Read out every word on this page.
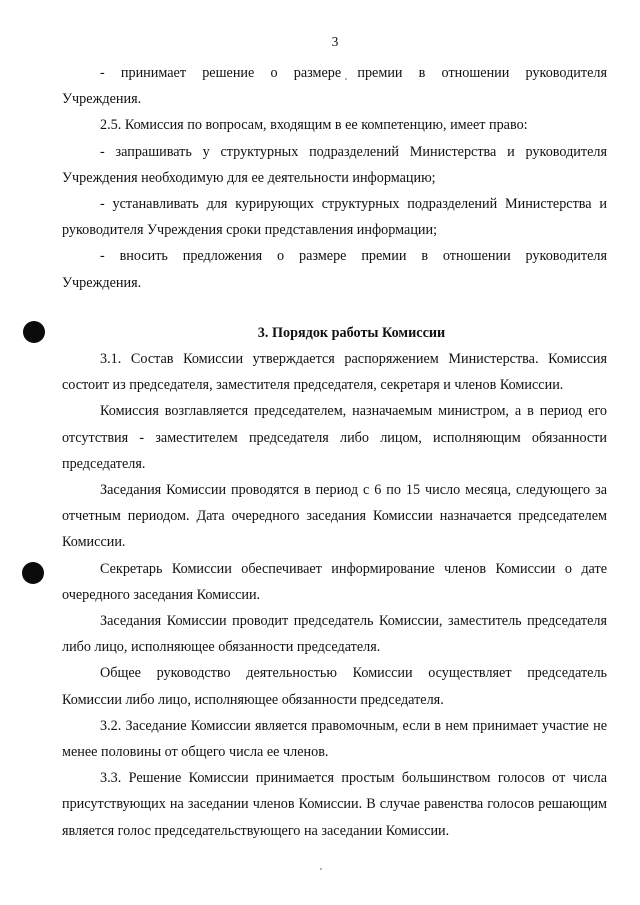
3

- принимает решение о размере премии в отношении руководителя Учреждения.

2.5. Комиссия по вопросам, входящим в ее компетенцию, имеет право:

- запрашивать у структурных подразделений Министерства и руководителя Учреждения необходимую для ее деятельности информацию;

- устанавливать для курирующих структурных подразделений Министерства и руководителя Учреждения сроки представления информации;

- вносить предложения о размере премии в отношении руководителя Учреждения.

3. Порядок работы Комиссии

3.1. Состав Комиссии утверждается распоряжением Министерства. Комиссия состоит из председателя, заместителя председателя, секретаря и членов Комиссии.

Комиссия возглавляется председателем, назначаемым министром, а в период его отсутствия - заместителем председателя либо лицом, исполняющим обязанности председателя.

Заседания Комиссии проводятся в период с 6 по 15 число месяца, следующего за отчетным периодом. Дата очередного заседания Комиссии назначается председателем Комиссии.

Секретарь Комиссии обеспечивает информирование членов Комиссии о дате очередного заседания Комиссии.

Заседания Комиссии проводит председатель Комиссии, заместитель председателя либо лицо, исполняющее обязанности председателя.

Общее руководство деятельностью Комиссии осуществляет председатель Комиссии либо лицо, исполняющее обязанности председателя.

3.2. Заседание Комиссии является правомочным, если в нем принимает участие не менее половины от общего числа ее членов.

3.3. Решение Комиссии принимается простым большинством голосов от числа присутствующих на заседании членов Комиссии. В случае равенства голосов решающим является голос председательствующего на заседании Комиссии.
